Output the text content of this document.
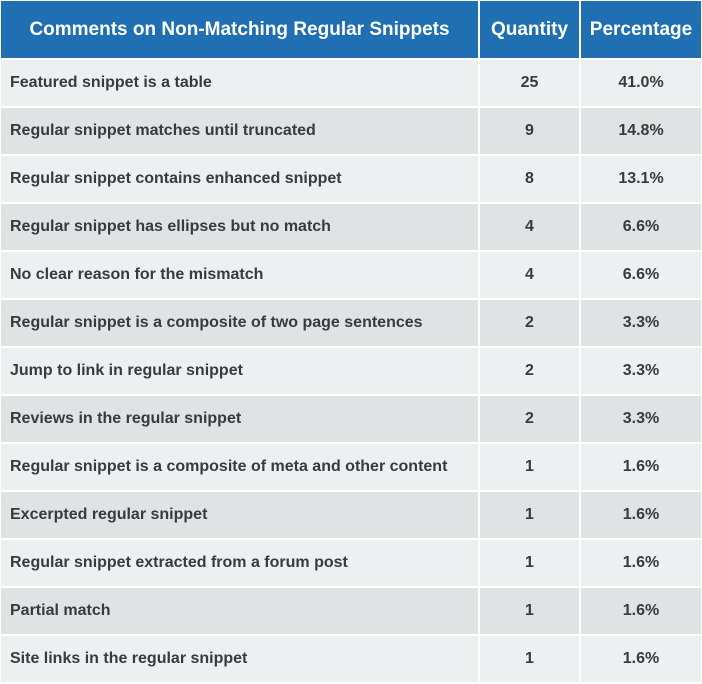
Comments on Non-Matching Regular Snippets	Quantity	Percentage
Featured snippet is a table	25	41.0%
Regular snippet matches until truncated	9	14.8%
Regular snippet contains enhanced snippet	8	13.1%
Regular snippet has ellipses but no match	4	6.6%
No clear reason for the mismatch	4	6.6%
Regular snippet is a composite of two page sentences	2	3.3%
Jump to link in regular snippet	2	3.3%
Reviews in the regular snippet	2	3.3%
Regular snippet is a composite of meta and other content	1	1.6%
Excerpted regular snippet	1	1.6%
Regular snippet extracted from a forum post	1	1.6%
Partial match	1	1.6%
Site links in the regular snippet	1	1.6%
